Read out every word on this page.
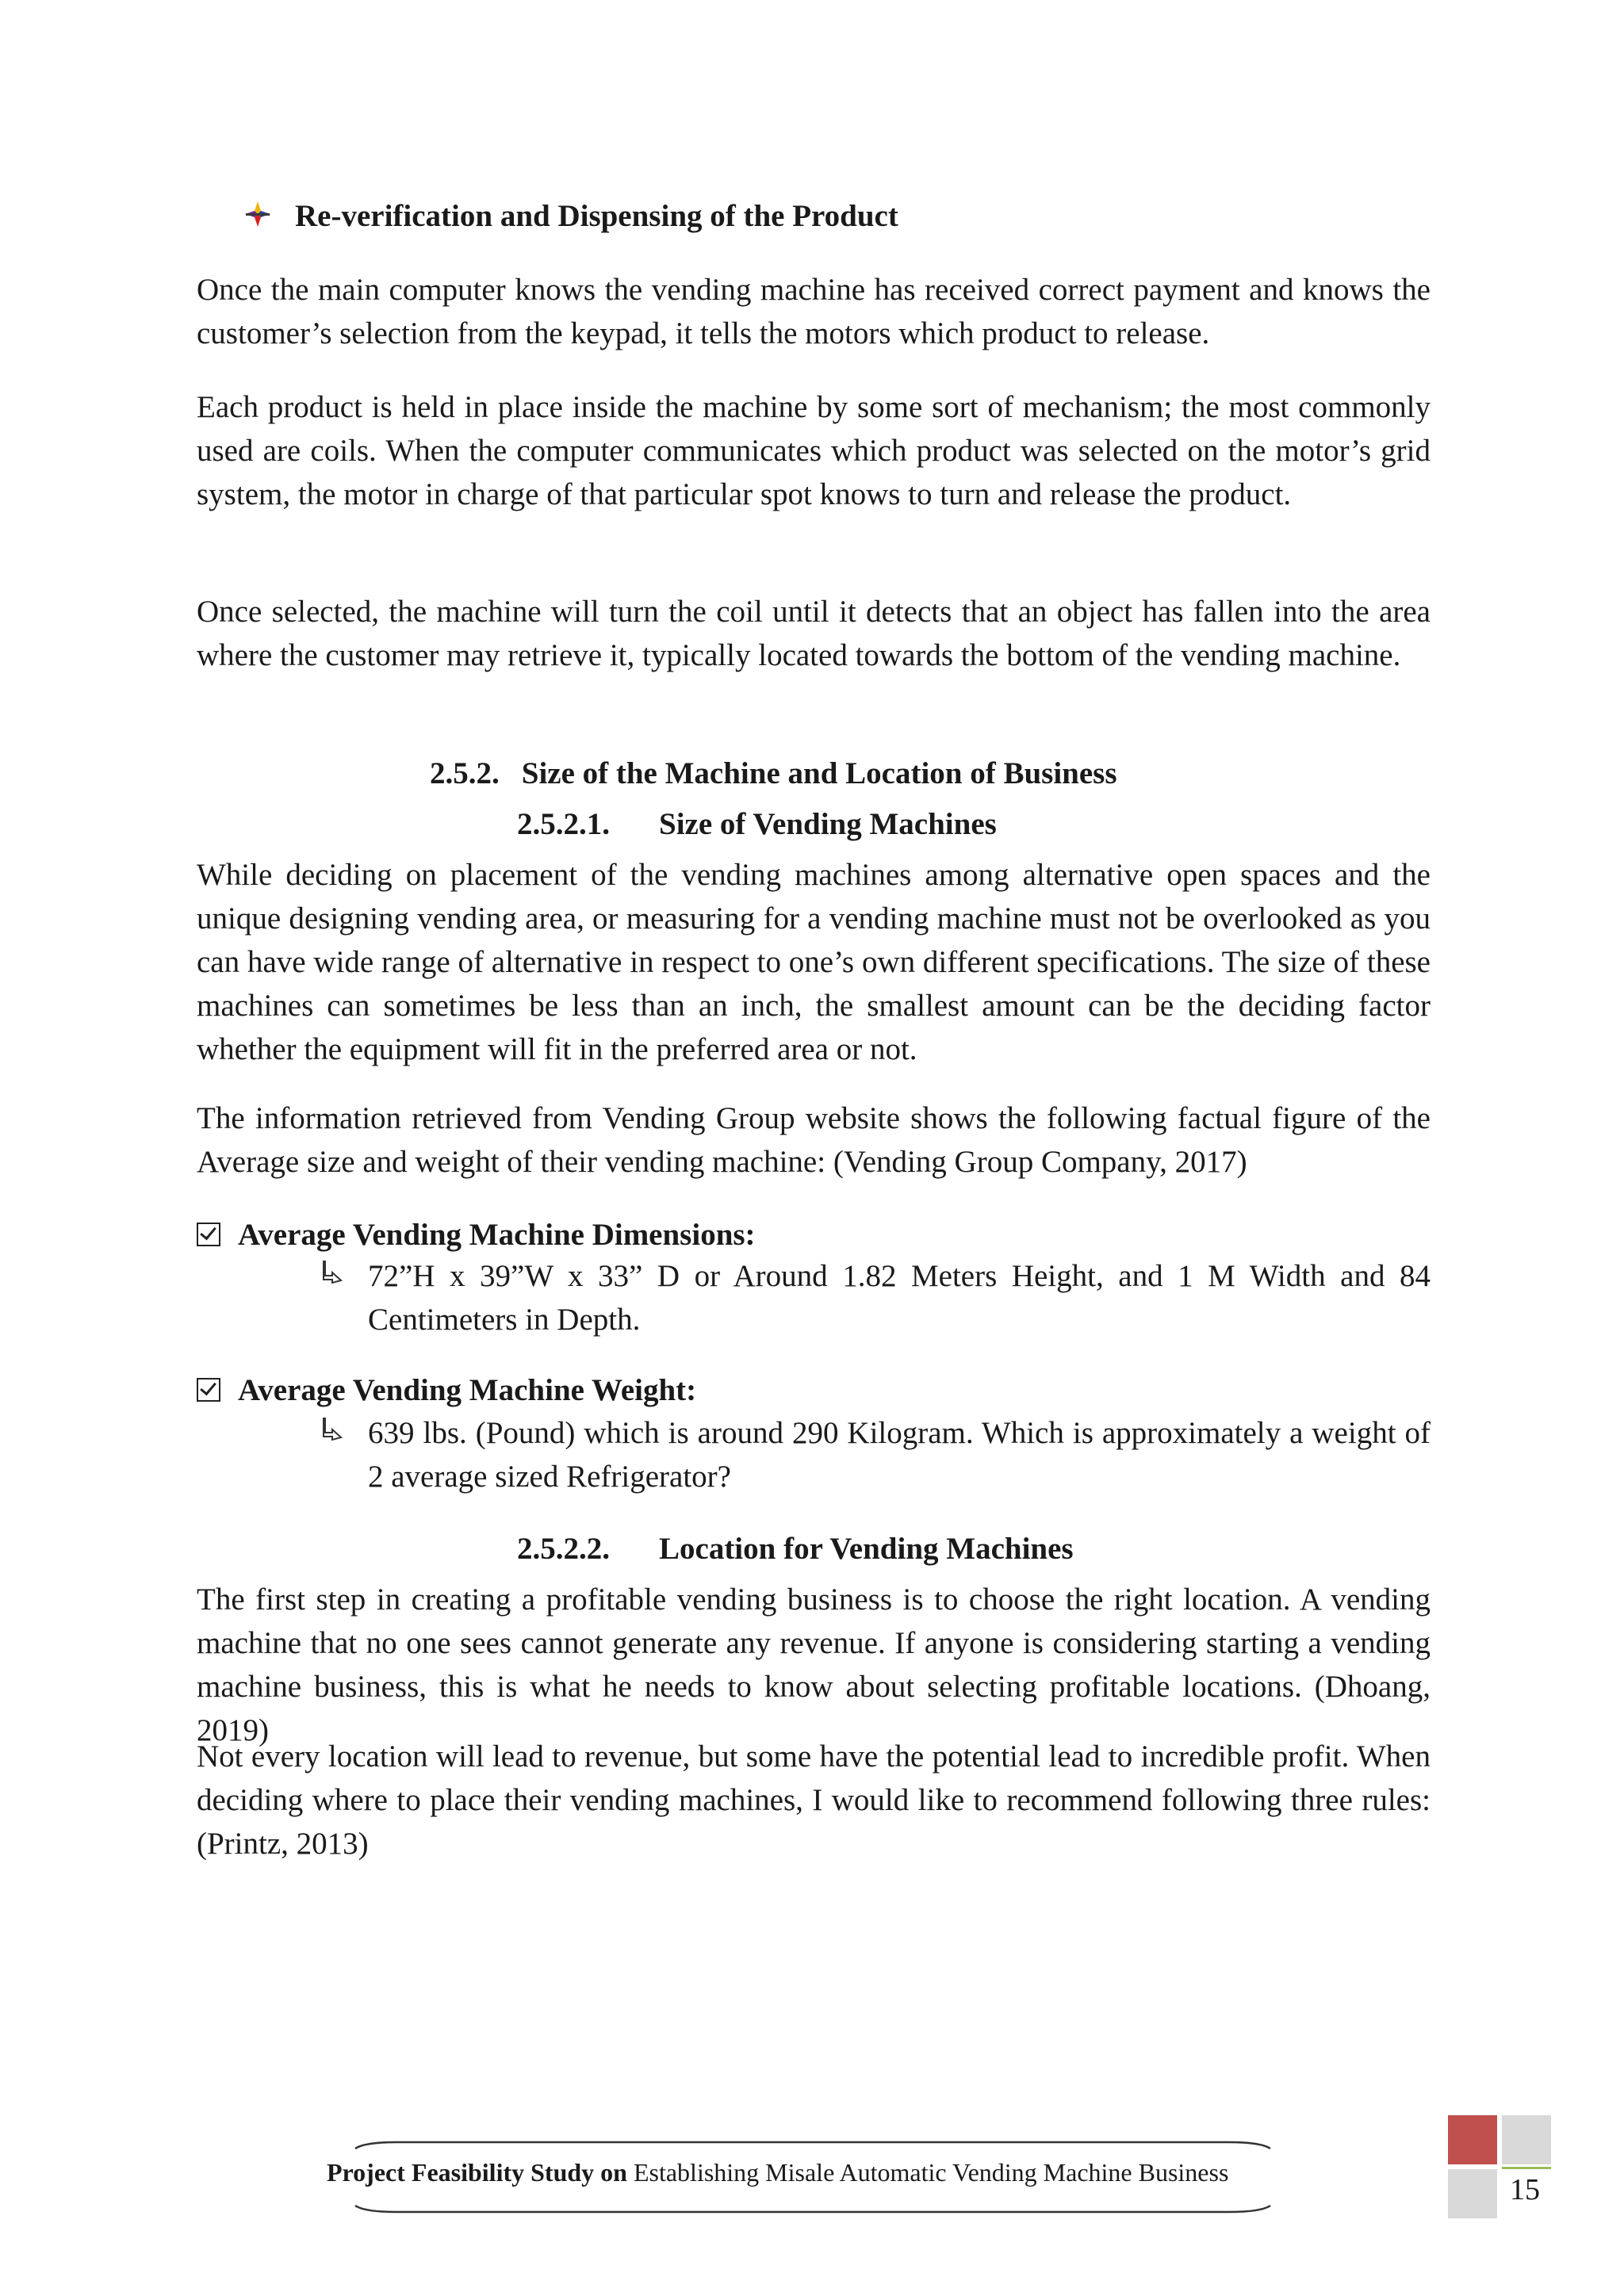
Re-verification and Dispensing of the Product

Once the main computer knows the vending machine has received correct payment and knows the customer’s selection from the keypad, it tells the motors which product to release.

Each product is held in place inside the machine by some sort of mechanism; the most commonly used are coils. When the computer communicates which product was selected on the motor’s grid system, the motor in charge of that particular spot knows to turn and release the product.

Once selected, the machine will turn the coil until it detects that an object has fallen into the area where the customer may retrieve it, typically located towards the bottom of the vending machine.

2.5.2. Size of the Machine and Location of Business
2.5.2.1. Size of Vending Machines

While deciding on placement of the vending machines among alternative open spaces and the unique designing vending area, or measuring for a vending machine must not be overlooked as you can have wide range of alternative in respect to one’s own different specifications. The size of these machines can sometimes be less than an inch, the smallest amount can be the deciding factor whether the equipment will fit in the preferred area or not.

The information retrieved from Vending Group website shows the following factual figure of the Average size and weight of their vending machine: (Vending Group Company, 2017)

Average Vending Machine Dimensions:
72”H x 39”W x 33” D or Around 1.82 Meters Height, and 1 M Width and 84 Centimeters in Depth.
Average Vending Machine Weight:
639 lbs. (Pound) which is around 290 Kilogram. Which is approximately a weight of 2 average sized Refrigerator?
2.5.2.2. Location for Vending Machines

The first step in creating a profitable vending business is to choose the right location. A vending machine that no one sees cannot generate any revenue. If anyone is considering starting a vending machine business, this is what he needs to know about selecting profitable locations. (Dhoang, 2019)

Not every location will lead to revenue, but some have the potential lead to incredible profit. When deciding where to place their vending machines, I would like to recommend following three rules: (Printz, 2013)

Project Feasibility Study on Establishing Misale Automatic Vending Machine Business
15
